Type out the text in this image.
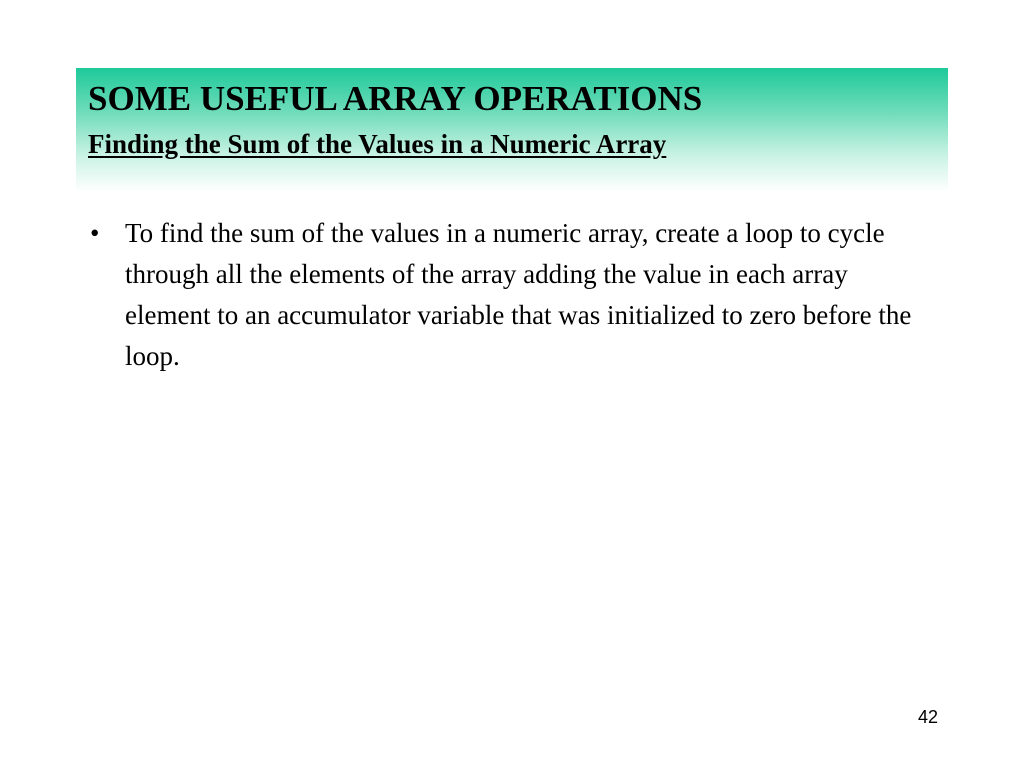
SOME USEFUL ARRAY OPERATIONS
Finding the Sum of the Values in a Numeric Array
• To find the sum of the values in a numeric array, create a loop to cycle through all the elements of the array adding the value in each array element to an accumulator variable that was initialized to zero before the loop.
42
